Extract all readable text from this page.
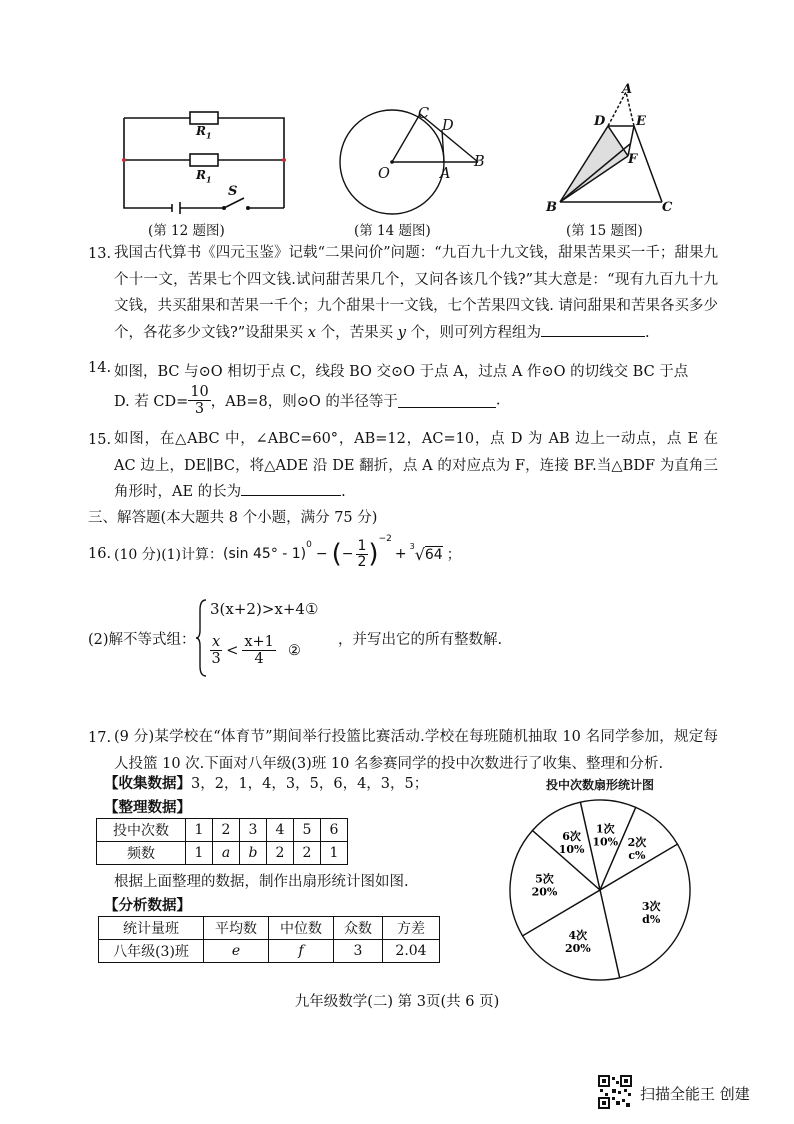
$R_1$
$R_1$
S
(第 12 题图)
C
D
O	A
B
(第 14 题图)
A
D E
F
B	C
(第 15 题图)
13. 我国古代算书《四元玉鉴》记载“二果问价”问题：“九百九十九文钱，甜果苦果买一千；甜果九个十一文，苦果七个四文钱.试问甜苦果几个，又问各该几个钱?”其大意是：“现有九百九十九文钱，共买甜果和苦果一千个；九个甜果十一文钱，七个苦果四文钱. 请问甜果和苦果各买多少个，各花多少文钱?”设甜果买 x 个，苦果买 y 个，则可列方程组为	.
14. 如图，BC 与⊙O 相切于点 C，线段 BO 交⊙O 于点 A，过点 A 作⊙O 的切线交 BC 于点
D. 若 $CD= \frac{10}{3}$ ，AB=8，则⊙O 的半径等于	.
15. 如图，在△ABC 中，∠ABC=60°，AB=12，AC=10，点 D 为 AB 边上一动点，点 E 在 AC 边上，DE∥BC，将△ADE 沿 DE 翻折，点 A 的对应点为 F，连接 BF.当△BDF 为直角三角形时，AE 的长为	.
三、解答题(本大题共 8 个小题，满分 75 分)
16. (10 分)(1)计算： (sin 45° - 1)
$^0$
− ( − $\frac{1}{2} )^{-2}$
+ $^3$ √ 64 ；
(2)解不等式组：
3(x+2)>x+4①
$\frac{x}{3} < \frac{x+1}{4}$ ②
，并写出它的所有整数解.
17. (9 分)某学校在“体育节”期间举行投篮比赛活动.学校在每班随机抽取 10 名同学参加，规定每人投篮 10 次.下面对八年级(3)班 10 名参赛同学的投中次数进行了收集、整理和分析.
【收集数据】3，2，1，4，3，5，6，4，3，5；
【整理数据】
投中次数	1	2	3	4	5	6
频数	1	a	b	2	2	1
根据上面整理的数据，制作出扇形统计图如图.
【分析数据】
统计量班	平均数	中位数	众数	方差
八年级(3)班	e	f	3	2.04
投中次数扇形统计图
1次
10% 2次
c%
3次
d%
4次
20%
5次
20%
6次
10%
九年级数学(二) 第 3页(共 6 页)
扫描全能王 创建
